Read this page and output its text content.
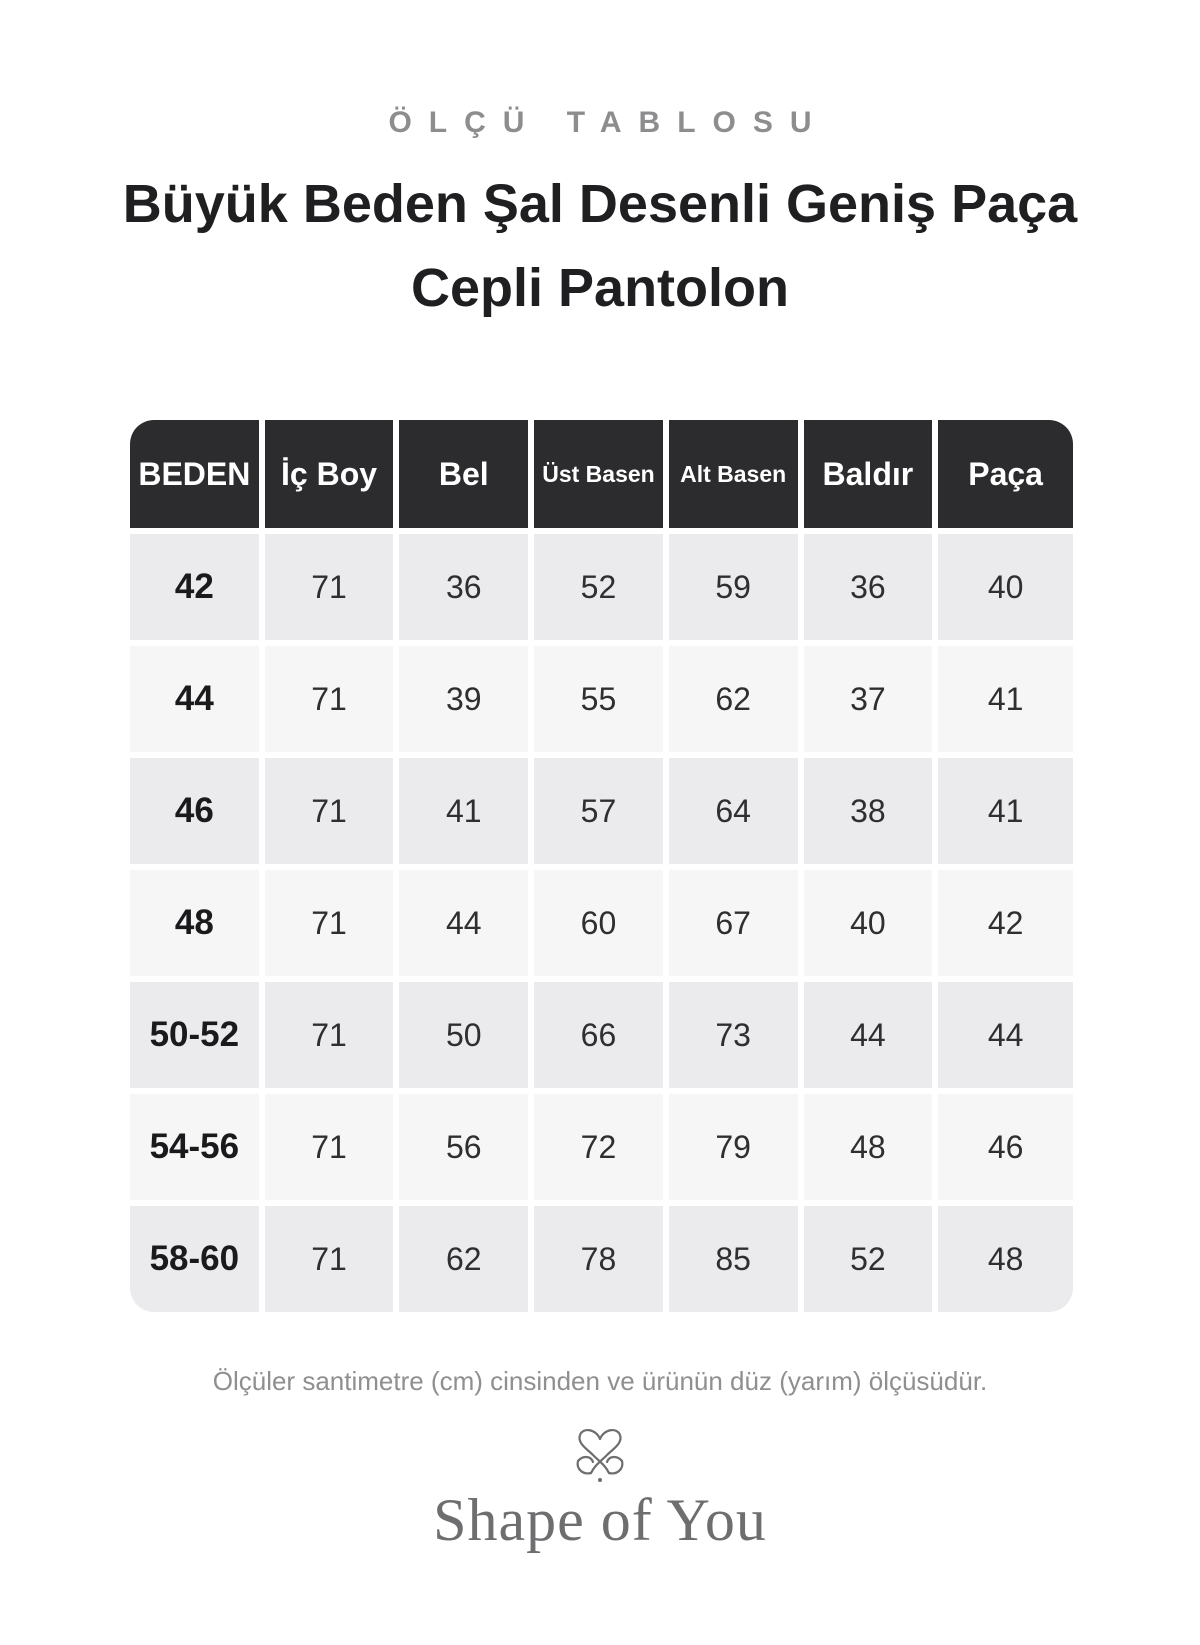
ÖLÇÜ TABLOSU
Büyük Beden Şal Desenli Geniş Paça Cepli Pantolon
BEDEN	İç Boy	Bel	Üst Basen	Alt Basen	Baldır	Paça
42	71	36	52	59	36	40
44	71	39	55	62	37	41
46	71	41	57	64	38	41
48	71	44	60	67	40	42
50-52	71	50	66	73	44	44
54-56	71	56	72	79	48	46
58-60	71	62	78	85	52	48
Ölçüler santimetre (cm) cinsinden ve ürünün düz (yarım) ölçüsüdür.
Shape of You
